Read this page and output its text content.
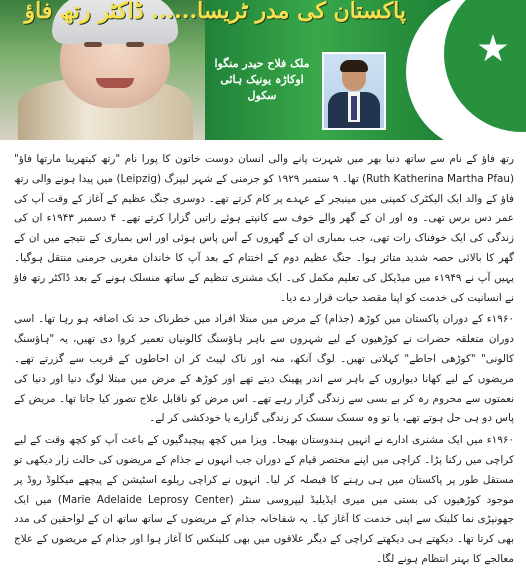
پاکستان کی مدر ٹریسا...... ڈاکٹر رتھ فاؤ
ملک فلاح حیدر منگوا
اوکاڑہ یونیک ہائی سکول

رتھ فاؤ کے نام سے ساتھ دنیا بھر میں شہرت پانے والی انسان دوست خاتون کا پورا نام "رتھ کیتھرینا مارتھا فاؤ" (Ruth Katherina Martha Pfau) تھا۔ ۹ ستمبر ۱۹۲۹ کو جرمنی کے شہر لیپزگ (Leipzig) میں پیدا ہونے والی رتھ فاؤ کے والد ایک الیکٹرک کمپنی میں مینیجر کے عہدے پر کام کرتے تھے۔ دوسری جنگ عظیم کے آغاز کے وقت آپ کی عمر دس برس تھی۔ وہ اور ان کے گھر والے خوف سے کانپتے ہوئے راتیں گزارا کرتے تھے۔ ۴ دسمبر ۱۹۴۳ء ان کی زندگی کی ایک خوفناک رات تھی، جب بمباری ان کے گھروں کے آس پاس ہوئی اور اس بمباری کے نتیجے میں ان کے گھر کا بالائی حصہ شدید متاثر ہوا۔ جنگ عظیم دوم کے اختتام کے بعد آپ کا خاندان مغربی جرمنی منتقل ہوگیا۔ یہیں آپ نے ۱۹۴۹ء میں میڈیکل کی تعلیم مکمل کی۔ ایک مشنری تنظیم کے ساتھ منسلک ہونے کے بعد ڈاکٹر رتھ فاؤ نے انسانیت کی خدمت کو اپنا مقصد حیات قرار دے دیا۔

۱۹۶۰ء کے دوران پاکستان میں کوڑھ (جذام) کے مرض میں مبتلا افراد میں خطرناک حد تک اضافہ ہو رہا تھا۔ اسی دوران متعلقہ حضرات نے کوڑھیوں کے لیے شہروں سے باہر ہاؤسنگ کالونیاں تعمیر کروا دی تھیں، یہ "ہاؤسنگ کالونی" "کوڑھی احاطے" کہلاتی تھیں۔ لوگ آنکھ، منہ اور ناک لپیٹ کر ان احاطوں کے قریب سے گزرتے تھے۔ مریضوں کے لیے کھانا دیواروں کے باہر سے اندر پھینک دیتے تھے اور کوڑھ کے مرض میں مبتلا لوگ دنیا اور دنیا کی نعمتوں سے محروم رہ کر بے بسی سے زندگی گزار رہے تھے۔ اس مرض کو ناقابل علاج تصور کیا جاتا تھا۔ مریض کے پاس دو ہی حل ہوتے تھے، یا تو وہ سسک سسک کر زندگی گزارے یا خودکشی کر لے۔

۱۹۶۰ء میں ایک مشنری ادارے نے انہیں ہندوستان بھیجا۔ ویزا میں کچھ پیچیدگیوں کے باعث آپ کو کچھ وقت کے لیے کراچی میں رکنا پڑا۔ کراچی میں اپنے مختصر قیام کے دوران جب انہوں نے جذام کے مریضوں کی حالت زار دیکھی تو مستقل طور پر پاکستان میں ہی رہنے کا فیصلہ کر لیا۔ انہوں نے کراچی ریلوے اسٹیشن کے پیچھے میکلوڈ روڈ پر موجود کوڑھیوں کی بستی میں میری ایڈیلیڈ لیپروسی سنٹر (Marie Adelaide Leprosy Center) میں ایک جھونپڑی نما کلینک سے اپنی خدمت کا آغاز کیا۔ یہ شفاخانہ جذام کے مریضوں کے ساتھ ساتھ ان کے لواحقین کی مدد بھی کرتا تھا۔ دیکھتے ہی دیکھتے کراچی کے دیگر علاقوں میں بھی کلینکس کا آغاز ہوا اور جذام کے مریضوں کے علاج معالجے کا بہتر انتظام ہونے لگا۔
